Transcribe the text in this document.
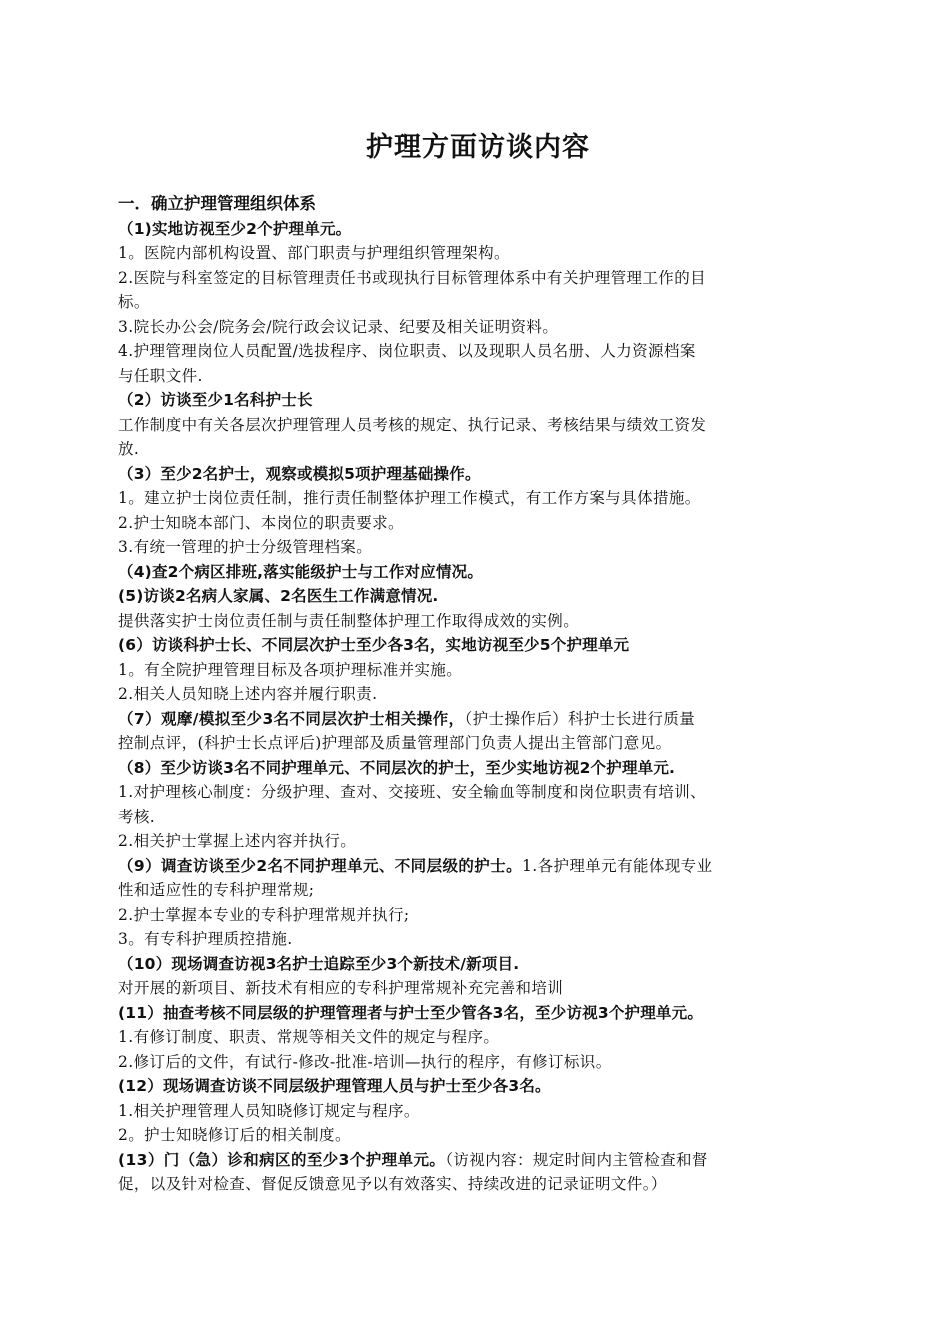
护理方面访谈内容
一．确立护理管理组织体系
（1)实地访视至少2个护理单元。
1。医院内部机构设置、部门职责与护理组织管理架构。
2.医院与科室签定的目标管理责任书或现执行目标管理体系中有关护理管理工作的目
标。
3.院长办公会/院务会/院行政会议记录、纪要及相关证明资料。
4.护理管理岗位人员配置/选拔程序、岗位职责、以及现职人员名册、人力资源档案
与任职文件.
（2）访谈至少1名科护士长
工作制度中有关各层次护理管理人员考核的规定、执行记录、考核结果与绩效工资发
放.
（3）至少2名护士，观察或模拟5项护理基础操作。
1。建立护士岗位责任制，推行责任制整体护理工作模式，有工作方案与具体措施。
2.护士知晓本部门、本岗位的职责要求。
3.有统一管理的护士分级管理档案。
（4)查2个病区排班,落实能级护士与工作对应情况。
(5)访谈2名病人家属、2名医生工作满意情况.
提供落实护士岗位责任制与责任制整体护理工作取得成效的实例。
(6）访谈科护士长、不同层次护士至少各3名，实地访视至少5个护理单元
1。有全院护理管理目标及各项护理标准并实施。
2.相关人员知晓上述内容并履行职责.
（7）观摩/模拟至少3名不同层次护士相关操作，（护士操作后）科护士长进行质量
控制点评，(科护士长点评后)护理部及质量管理部门负责人提出主管部门意见。
（8）至少访谈3名不同护理单元、不同层次的护士，至少实地访视2个护理单元.
1.对护理核心制度：分级护理、查对、交接班、安全输血等制度和岗位职责有培训、
考核.
2.相关护士掌握上述内容并执行。
（9）调查访谈至少2名不同护理单元、不同层级的护士。1.各护理单元有能体现专业
性和适应性的专科护理常规;
2.护士掌握本专业的专科护理常规并执行;
3。有专科护理质控措施.
（10）现场调查访视3名护士追踪至少3个新技术/新项目.
对开展的新项目、新技术有相应的专科护理常规补充完善和培训
(11）抽查考核不同层级的护理管理者与护士至少管各3名，至少访视3个护理单元。
1.有修订制度、职责、常规等相关文件的规定与程序。
2.修订后的文件，有试行-修改-批准-培训—执行的程序，有修订标识。
(12）现场调查访谈不同层级护理管理人员与护士至少各3名。
1.相关护理管理人员知晓修订规定与程序。
2。护士知晓修订后的相关制度。
(13）门（急）诊和病区的至少3个护理单元。（访视内容：规定时间内主管检查和督
促，以及针对检查、督促反馈意见予以有效落实、持续改进的记录证明文件。）
